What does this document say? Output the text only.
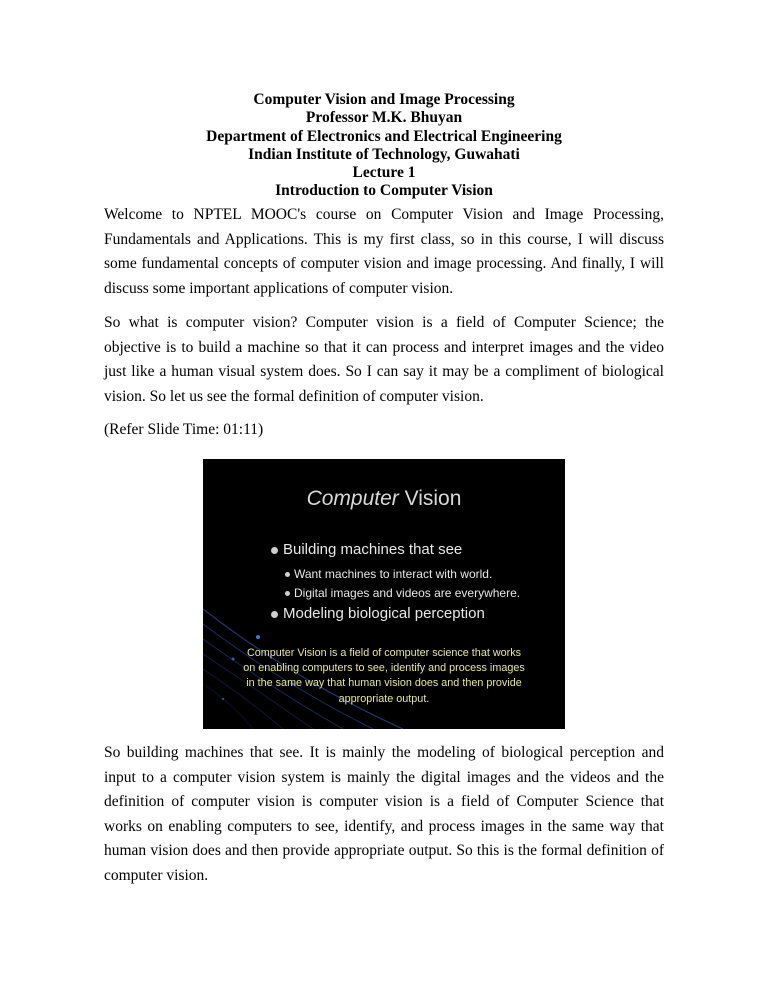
Computer Vision and Image Processing
Professor M.K. Bhuyan
Department of Electronics and Electrical Engineering
Indian Institute of Technology, Guwahati
Lecture 1
Introduction to Computer Vision
Welcome to NPTEL MOOC's course on Computer Vision and Image Processing, Fundamentals and Applications. This is my first class, so in this course, I will discuss some fundamental concepts of computer vision and image processing. And finally, I will discuss some important applications of computer vision.
So what is computer vision? Computer vision is a field of Computer Science; the objective is to build a machine so that it can process and interpret images and the video just like a human visual system does. So I can say it may be a compliment of biological vision. So let us see the formal definition of computer vision.
(Refer Slide Time: 01:11)
Computer Vision
Building machines that see
Want machines to interact with world.
Digital images and videos are everywhere.
Modeling biological perception
Computer Vision is a field of computer science that works
on enabling computers to see, identify and process images
in the same way that human vision does and then provide
appropriate output.
So building machines that see. It is mainly the modeling of biological perception and input to a computer vision system is mainly the digital images and the videos and the definition of computer vision is computer vision is a field of Computer Science that works on enabling computers to see, identify, and process images in the same way that human vision does and then provide appropriate output. So this is the formal definition of computer vision.
